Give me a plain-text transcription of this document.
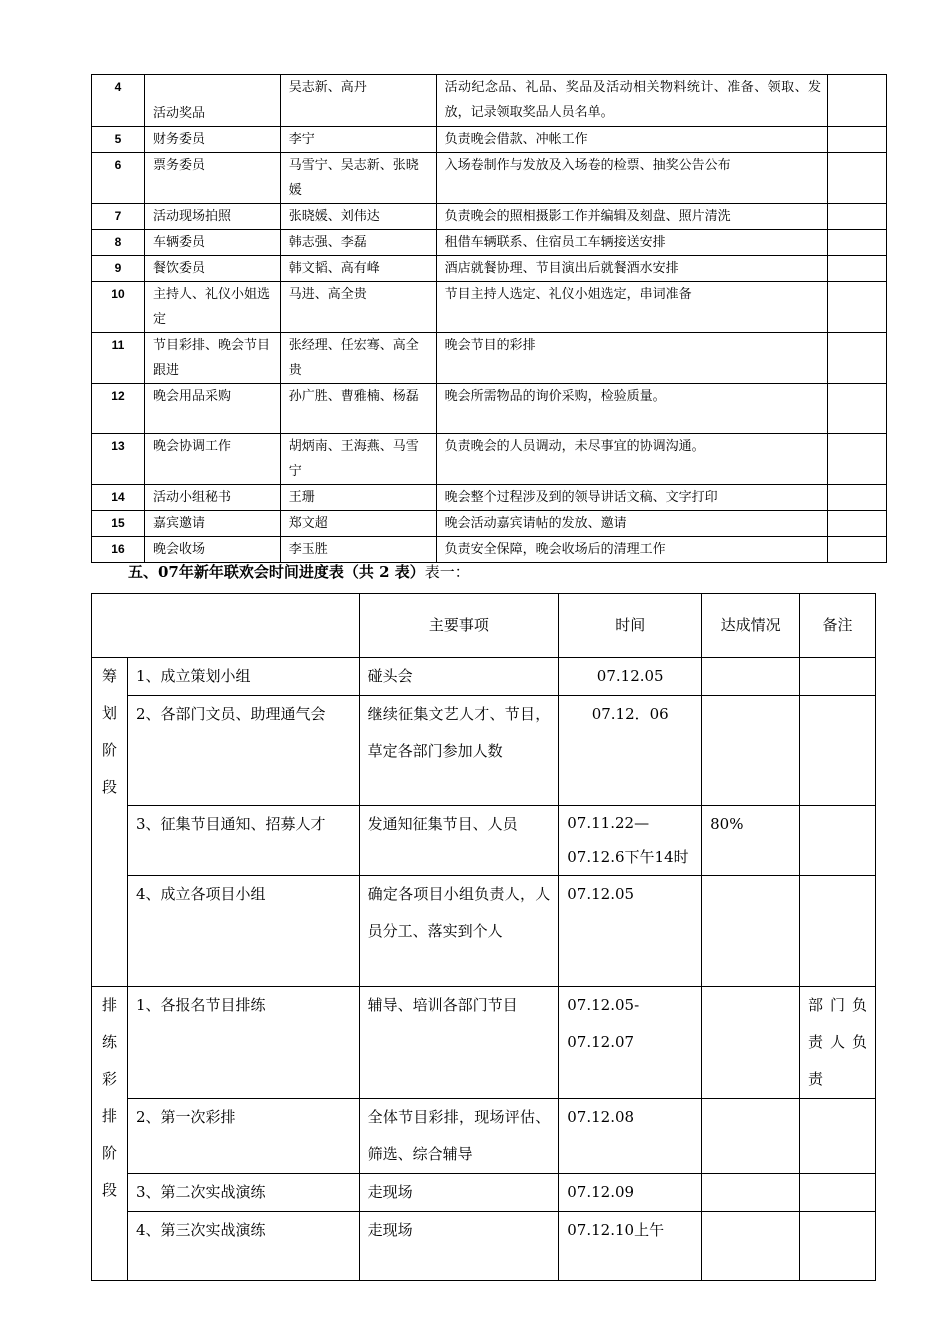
4	活动奖品	吴志新、高丹	活动纪念品、礼品、奖品及活动相关物料统计、准备、领取、发放，记录领取奖品人员名单。	
5	财务委员	李宁	负责晚会借款、冲帐工作	
6	票务委员	马雪宁、吴志新、张晓媛	入场卷制作与发放及入场卷的检票、抽奖公告公布	
7	活动现场拍照	张晓媛、刘伟达	负责晚会的照相摄影工作并编辑及刻盘、照片清洗	
8	车辆委员	韩志强、李磊	租借车辆联系、住宿员工车辆接送安排	
9	餐饮委员	韩文韬、高有峰	酒店就餐协理、节目演出后就餐酒水安排	
10	主持人、礼仪小姐选定	马进、高全贵	节目主持人选定、礼仪小姐选定，串词准备	
11	节目彩排、晚会节目跟进	张经理、任宏骞、高全贵	晚会节目的彩排	
12	晚会用品采购	孙广胜、曹雅楠、杨磊	晚会所需物品的询价采购，检验质量。	
13	晚会协调工作	胡炳南、王海燕、马雪宁	负责晚会的人员调动，未尽事宜的协调沟通。	
14	活动小组秘书	王珊	晚会整个过程涉及到的领导讲话文稿、文字打印	
15	嘉宾邀请	郑文超	晚会活动嘉宾请帖的发放、邀请	
16	晚会收场	李玉胜	负责安全保障，晚会收场后的清理工作	
五、07年新年联欢会时间进度表（共 2 表）表一：
		主要事项	时间	达成情况	备注
筹划阶段	1、成立策划小组	碰头会	07.12.05		
	2、各部门文员、助理通气会	继续征集文艺人才、节目，草定各部门参加人数	07.12．06		
	3、征集节目通知、招募人才	发通知征集节目、人员	07.11.22—07.12.6下午14时	80%	
	4、成立各项目小组	确定各项目小组负责人，人员分工、落实到个人	07.12.05		
排练彩排阶段	1、各报名节目排练	辅导、培训各部门节目	07.12.05-07.12.07		部门负责人负责
	2、第一次彩排	全体节目彩排，现场评估、筛选、综合辅导	07.12.08		
	3、第二次实战演练	走现场	07.12.09		
	4、第三次实战演练	走现场	07.12.10上午		
